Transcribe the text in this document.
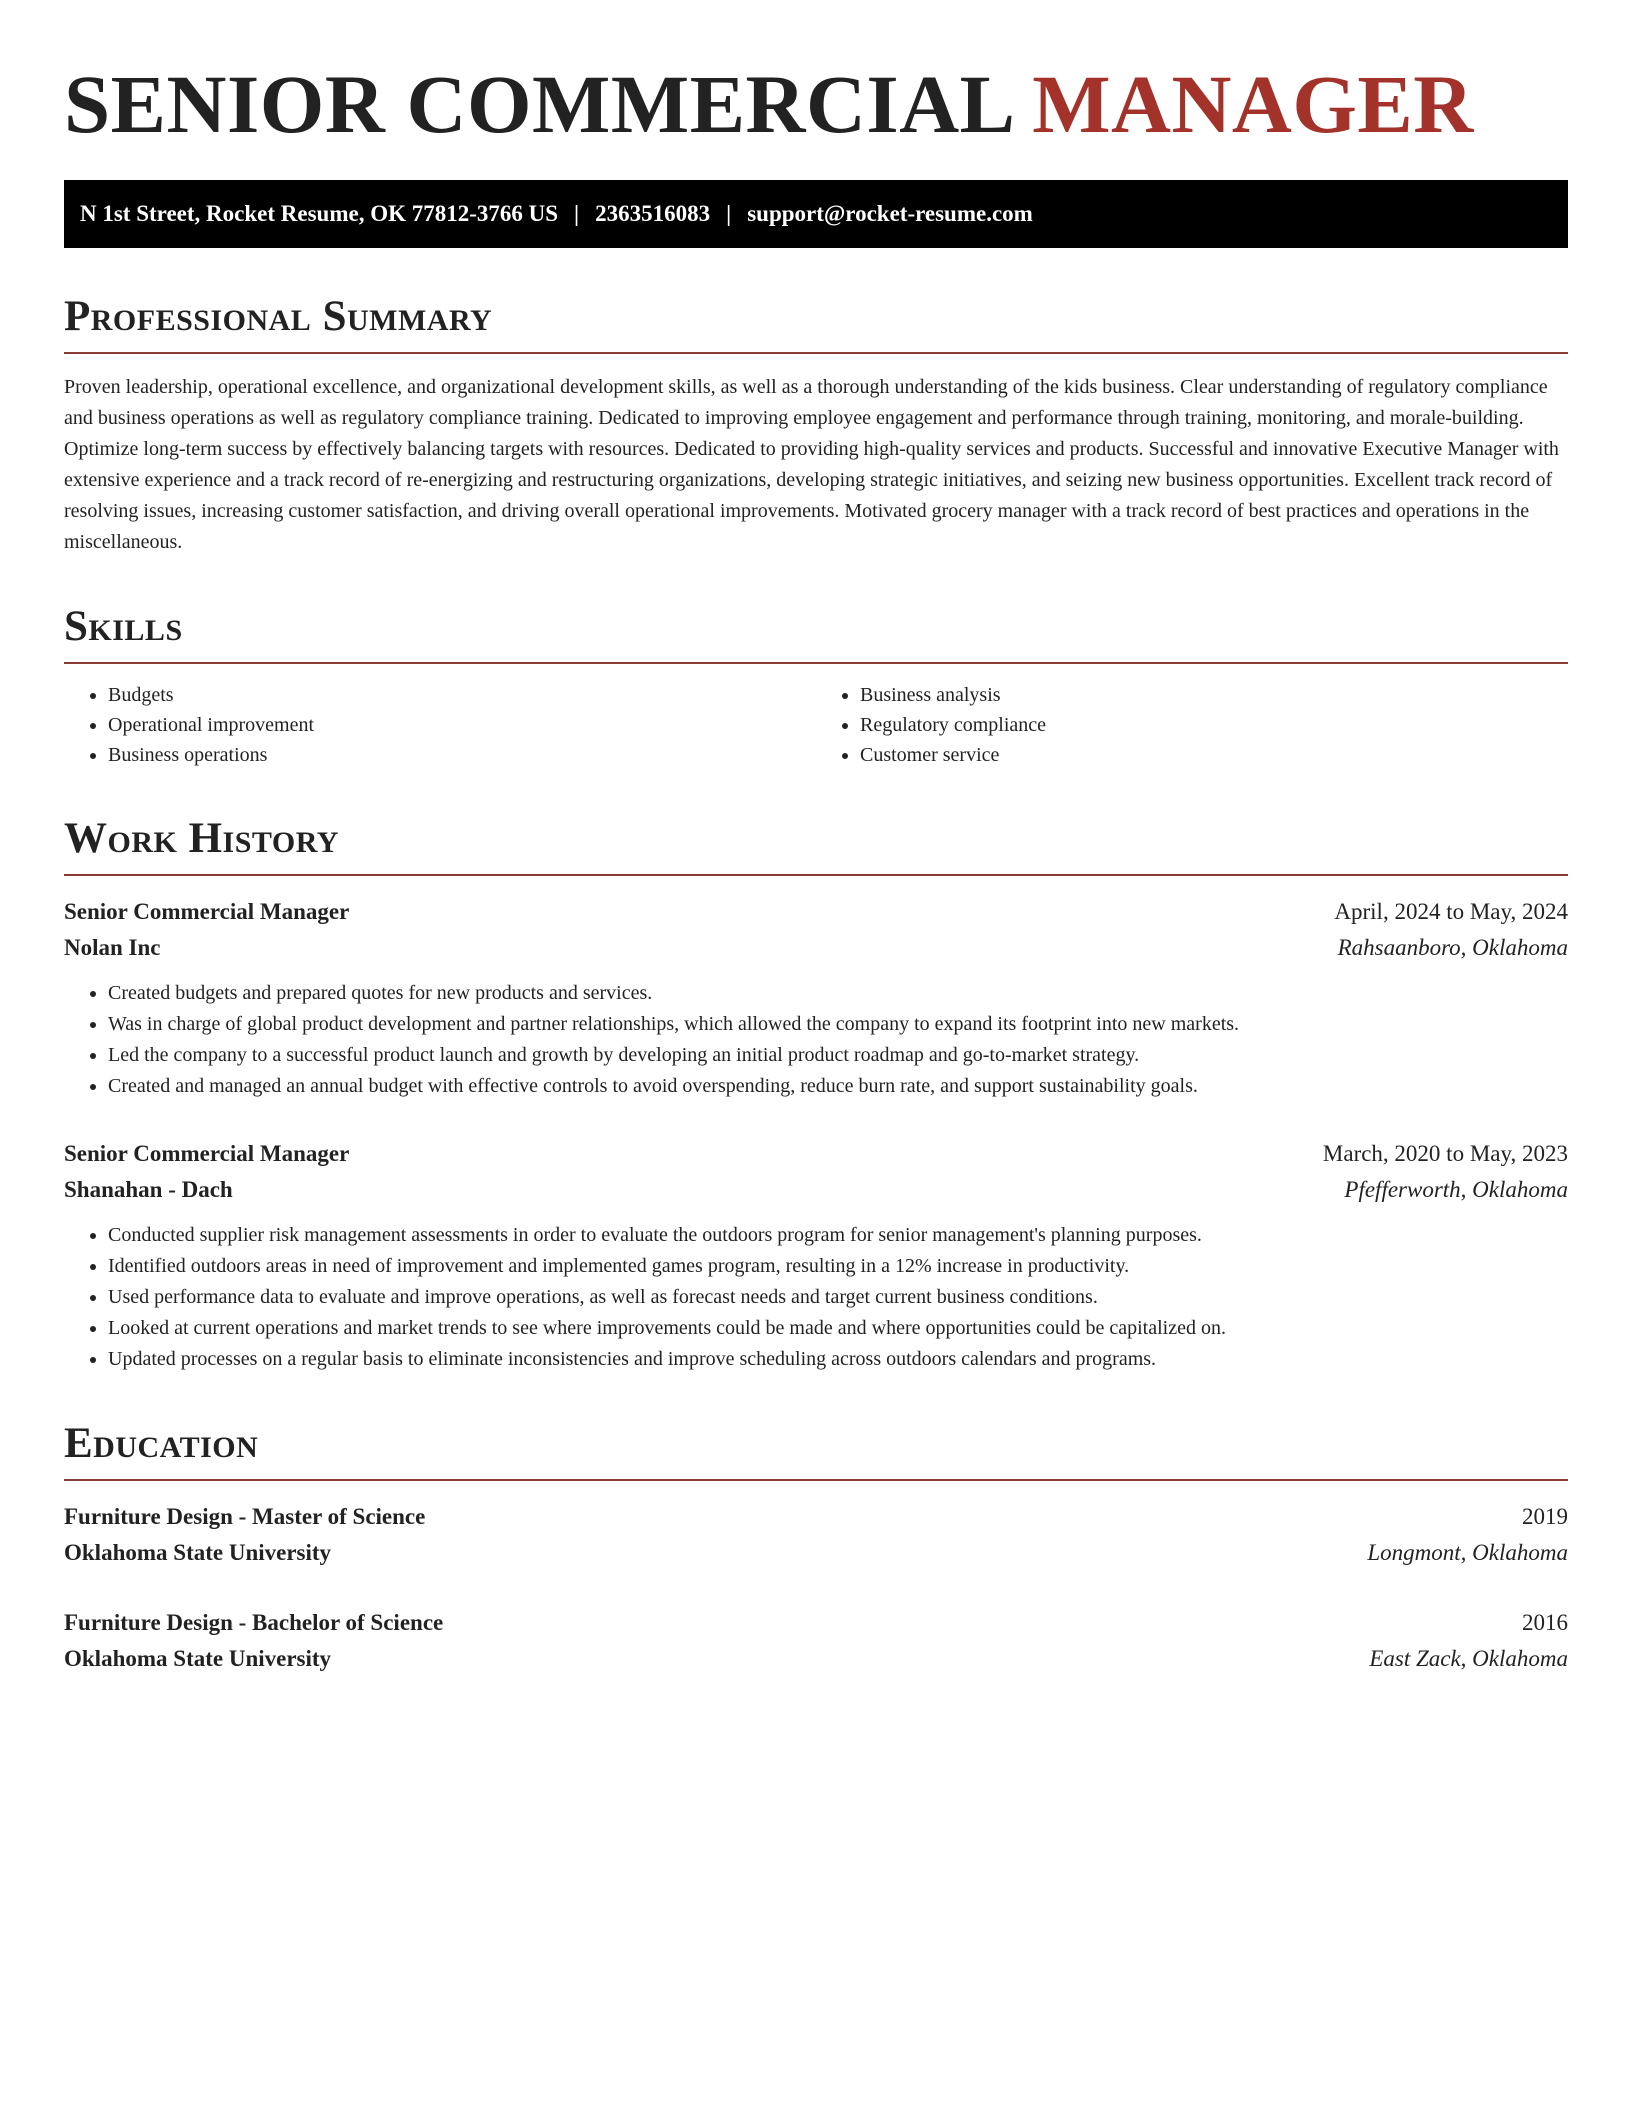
SENIOR COMMERCIAL MANAGER
N 1st Street, Rocket Resume, OK 77812-3766 US | 2363516083 | support@rocket-resume.com
Professional Summary

Proven leadership, operational excellence, and organizational development skills, as well as a thorough understanding of the kids business. Clear understanding of regulatory compliance and business operations as well as regulatory compliance training. Dedicated to improving employee engagement and performance through training, monitoring, and morale-building. Optimize long-term success by effectively balancing targets with resources. Dedicated to providing high-quality services and products. Successful and innovative Executive Manager with extensive experience and a track record of re-energizing and restructuring organizations, developing strategic initiatives, and seizing new business opportunities. Excellent track record of resolving issues, increasing customer satisfaction, and driving overall operational improvements. Motivated grocery manager with a track record of best practices and operations in the miscellaneous.

Skills
• Budgets
• Operational improvement
• Business operations
• Business analysis
• Regulatory compliance
• Customer service
Work History
Senior Commercial Manager	April, 2024 to May, 2024
Nolan Inc	Rahsaanboro, Oklahoma
• Created budgets and prepared quotes for new products and services.
• Was in charge of global product development and partner relationships, which allowed the company to expand its footprint into new markets.
• Led the company to a successful product launch and growth by developing an initial product roadmap and go-to-market strategy.
• Created and managed an annual budget with effective controls to avoid overspending, reduce burn rate, and support sustainability goals.
Senior Commercial Manager	March, 2020 to May, 2023
Shanahan - Dach	Pfefferworth, Oklahoma
• Conducted supplier risk management assessments in order to evaluate the outdoors program for senior management's planning purposes.
• Identified outdoors areas in need of improvement and implemented games program, resulting in a 12% increase in productivity.
• Used performance data to evaluate and improve operations, as well as forecast needs and target current business conditions.
• Looked at current operations and market trends to see where improvements could be made and where opportunities could be capitalized on.
• Updated processes on a regular basis to eliminate inconsistencies and improve scheduling across outdoors calendars and programs.
Education
Furniture Design - Master of Science	2019
Oklahoma State University	Longmont, Oklahoma
Furniture Design - Bachelor of Science	2016
Oklahoma State University	East Zack, Oklahoma
